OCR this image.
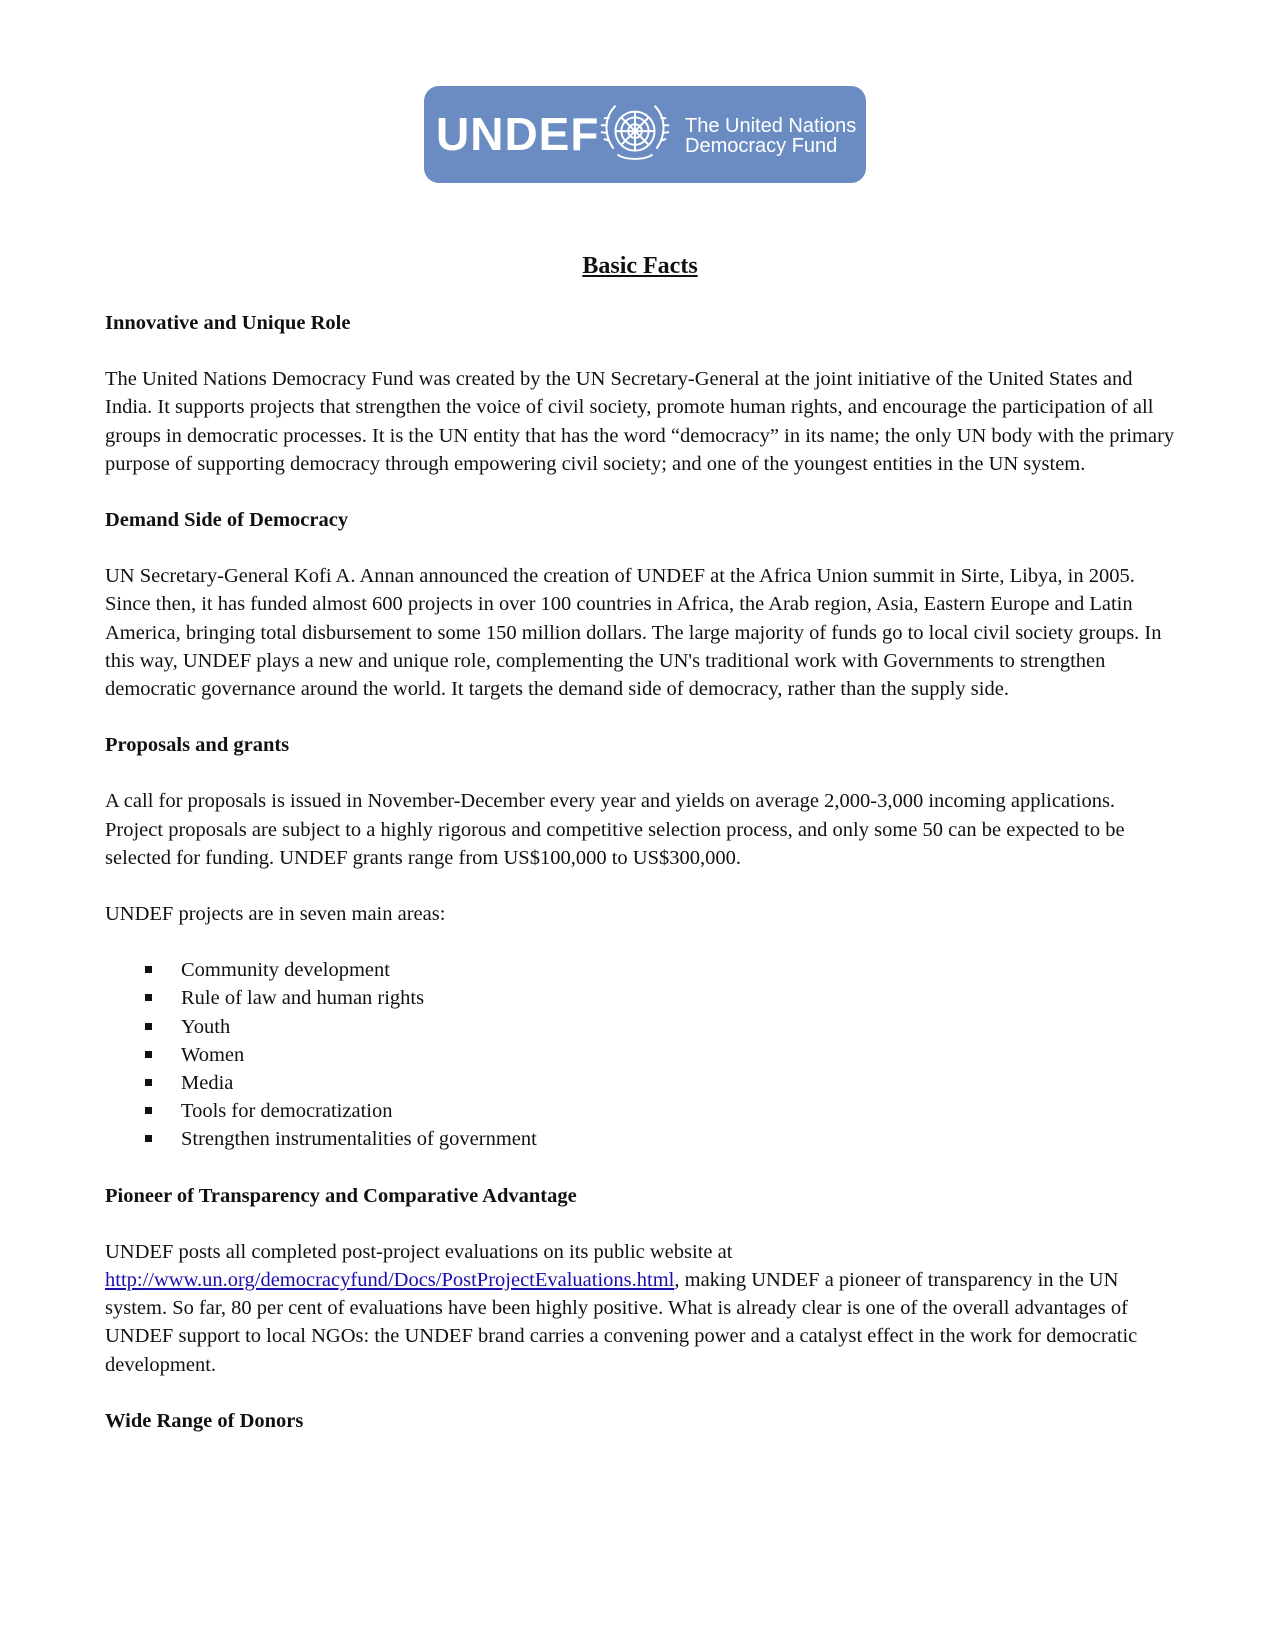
UNDEF	The United Nations
Democracy Fund
Basic Facts
Innovative and Unique Role
The United Nations Democracy Fund was created by the UN Secretary-General at the joint initiative of the United States and India. It supports projects that strengthen the voice of civil society, promote human rights, and encourage the participation of all groups in democratic processes. It is the UN entity that has the word “democracy” in its name; the only UN body with the primary purpose of supporting democracy through empowering civil society; and one of the youngest entities in the UN system.
Demand Side of Democracy
UN Secretary-General Kofi A. Annan announced the creation of UNDEF at the Africa Union summit in Sirte, Libya, in 2005. Since then, it has funded almost 600 projects in over 100 countries in Africa, the Arab region, Asia, Eastern Europe and Latin America, bringing total disbursement to some 150 million dollars. The large majority of funds go to local civil society groups. In this way, UNDEF plays a new and unique role, complementing the UN's traditional work with Governments to strengthen democratic governance around the world. It targets the demand side of democracy, rather than the supply side.
Proposals and grants
A call for proposals is issued in November-December every year and yields on average 2,000-3,000 incoming applications. Project proposals are subject to a highly rigorous and competitive selection process, and only some 50 can be expected to be selected for funding. UNDEF grants range from US$100,000 to US$300,000.
UNDEF projects are in seven main areas:
Community development
Rule of law and human rights
Youth
Women
Media
Tools for democratization
Strengthen instrumentalities of government
Pioneer of Transparency and Comparative Advantage
UNDEF posts all completed post-project evaluations on its public website at http://www.un.org/democracyfund/Docs/PostProjectEvaluations.html, making UNDEF a pioneer of transparency in the UN system. So far, 80 per cent of evaluations have been highly positive. What is already clear is one of the overall advantages of UNDEF support to local NGOs: the UNDEF brand carries a convening power and a catalyst effect in the work for democratic development.
Wide Range of Donors
